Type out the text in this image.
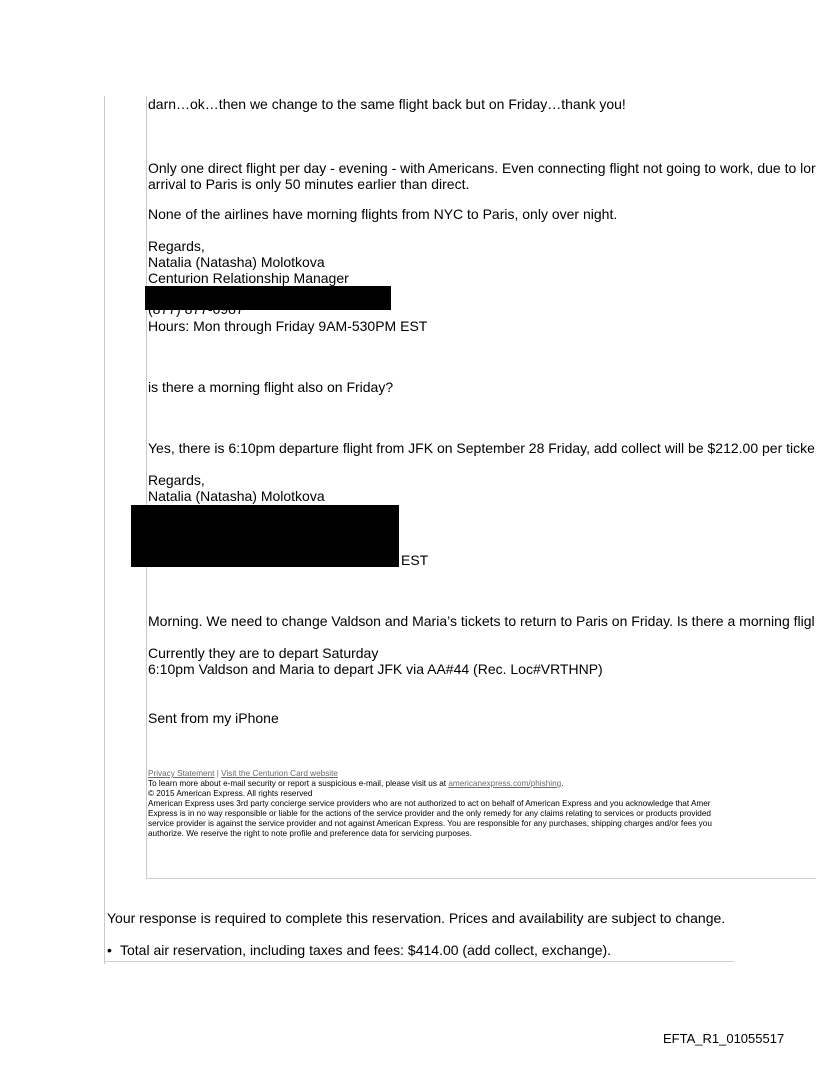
darn…ok…then we change to the same flight back but on Friday…thank you!
Only one direct flight per day - evening - with Americans. Even connecting flight not going to work, due to lor
arrival to Paris is only 50 minutes earlier than direct.
None of the airlines have morning flights from NYC to Paris, only over night.
Regards,
Natalia (Natasha) Molotkova
Centurion Relationship Manager
Hours: Mon through Friday 9AM-530PM EST
is there a morning flight also on Friday?
Yes, there is 6:10pm departure flight from JFK on September 28 Friday, add collect will be $212.00 per ticke
Regards,
Natalia (Natasha) Molotkova
EST
Morning. We need to change Valdson and Maria’s tickets to return to Paris on Friday. Is there a morning fligl
Currently they are to depart Saturday
6:10pm Valdson and Maria to depart JFK via AA#44 (Rec. Loc#VRTHNP)
Sent from my iPhone
Privacy Statement | Visit the Centurion Card website
To learn more about e-mail security or report a suspicious e-mail, please visit us at americanexpress.com/phishing.
© 2015 American Express. All rights reserved
American Express uses 3rd party concierge service providers who are not authorized to act on behalf of American Express and you acknowledge that Amer
Express is in no way responsible or liable for the actions of the service provider and the only remedy for any claims relating to services or products provided
service provider is against the service provider and not against American Express. You are responsible for any purchases, shipping charges and/or fees you
authorize. We reserve the right to note profile and preference data for servicing purposes.
Your response is required to complete this reservation. Prices and availability are subject to change.
• Total air reservation, including taxes and fees: $414.00 (add collect, exchange).
EFTA_R1_01055517
